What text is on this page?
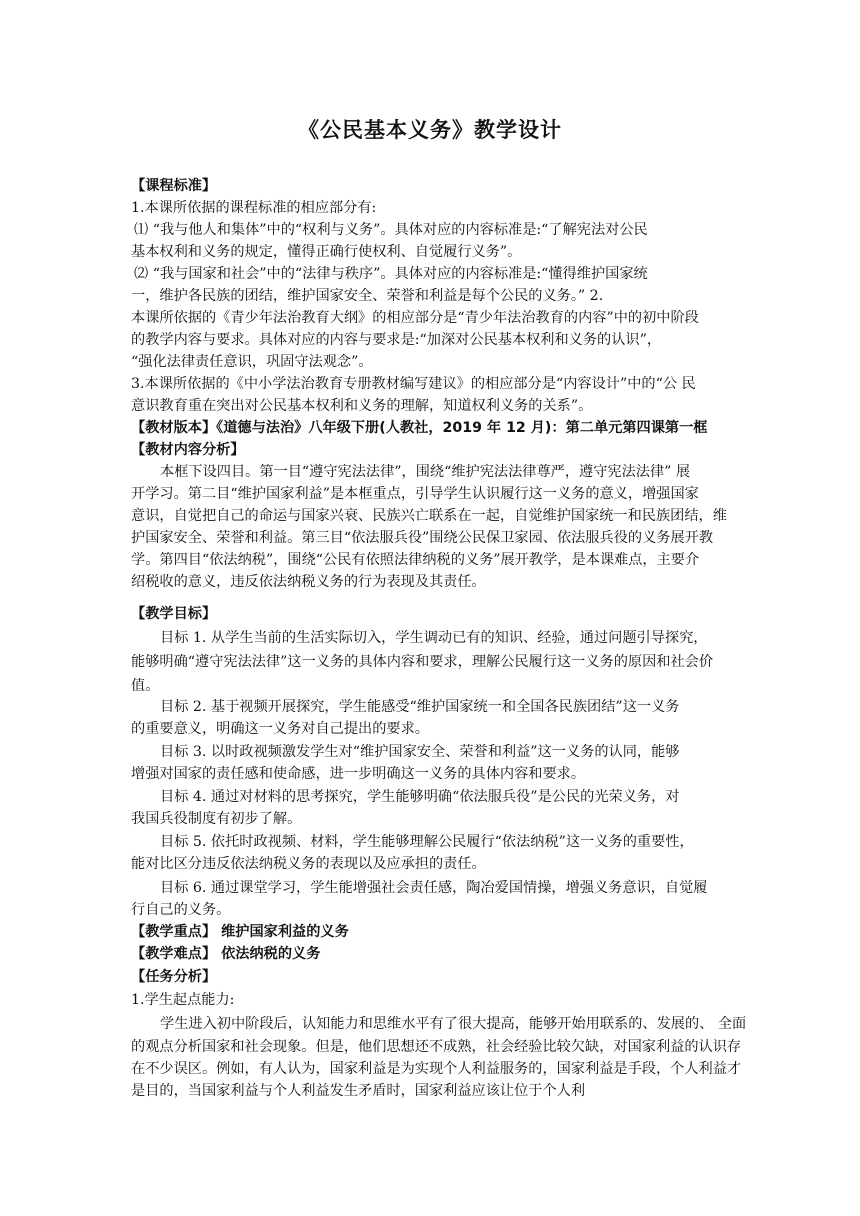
《公民基本义务》教学设计
【课程标准】
1.本课所依据的课程标准的相应部分有:
⑴ “我与他人和集体”中的“权利与义务”。具体对应的内容标准是:“了解宪法对公民
基本权利和义务的规定，懂得正确行使权利、自觉履行义务”。
⑵ “我与国家和社会”中的“法律与秩序”。具体对应的内容标准是:“懂得维护国家统
一，维护各民族的团结，维护国家安全、荣誉和利益是每个公民的义务。” 2.
本课所依据的《青少年法治教育大纲》的相应部分是“青少年法治教育的内容”中的初中阶段
的教学内容与要求。具体对应的内容与要求是:“加深对公民基本权利和义务的认识”，
“强化法律责任意识，巩固守法观念”。
3.本课所依据的《中小学法治教育专册教材编写建议》的相应部分是“内容设计”中的“公 民
意识教育重在突出对公民基本权利和义务的理解，知道权利义务的关系”。
【教材版本】《道德与法治》八年级下册(人教社，2019 年 12 月)：第二单元第四课第一框
【教材内容分析】
本框下设四目。第一目“遵守宪法法律”，围绕“维护宪法法律尊严，遵守宪法法律” 展
开学习。第二目“维护国家利益”是本框重点，引导学生认识履行这一义务的意义，增强国家
意识，自觉把自己的命运与国家兴衰、民族兴亡联系在一起，自觉维护国家统一和民族团结，维
护国家安全、荣誉和利益。第三目“依法服兵役”围绕公民保卫家园、依法服兵役的义务展开教
学。第四目“依法纳税”，围绕“公民有依照法律纳税的义务”展开教学，是本课难点，主要介
绍税收的意义，违反依法纳税义务的行为表现及其责任。
【教学目标】
目标 1. 从学生当前的生活实际切入，学生调动已有的知识、经验，通过问题引导探究，
能够明确“遵守宪法法律”这一义务的具体内容和要求，理解公民履行这一义务的原因和社会价
值。
目标 2. 基于视频开展探究，学生能感受“维护国家统一和全国各民族团结”这一义务
的重要意义，明确这一义务对自己提出的要求。
目标 3. 以时政视频激发学生对“维护国家安全、荣誉和利益”这一义务的认同，能够
增强对国家的责任感和使命感，进一步明确这一义务的具体内容和要求。
目标 4. 通过对材料的思考探究，学生能够明确“依法服兵役”是公民的光荣义务，对
我国兵役制度有初步了解。
目标 5. 依托时政视频、材料，学生能够理解公民履行“依法纳税”这一义务的重要性，
能对比区分违反依法纳税义务的表现以及应承担的责任。
目标 6. 通过课堂学习，学生能增强社会责任感，陶冶爱国情操，增强义务意识，自觉履
行自己的义务。
【教学重点】 维护国家利益的义务
【教学难点】 依法纳税的义务
【任务分析】
1.学生起点能力:
学生进入初中阶段后，认知能力和思维水平有了很大提高，能够开始用联系的、发展的、 全面
的观点分析国家和社会现象。但是，他们思想还不成熟，社会经验比较欠缺，对国家利益的认识存
在不少误区。例如，有人认为，国家利益是为实现个人利益服务的，国家利益是手段，个人利益才
是目的，当国家利益与个人利益发生矛盾时，国家利益应该让位于个人利
